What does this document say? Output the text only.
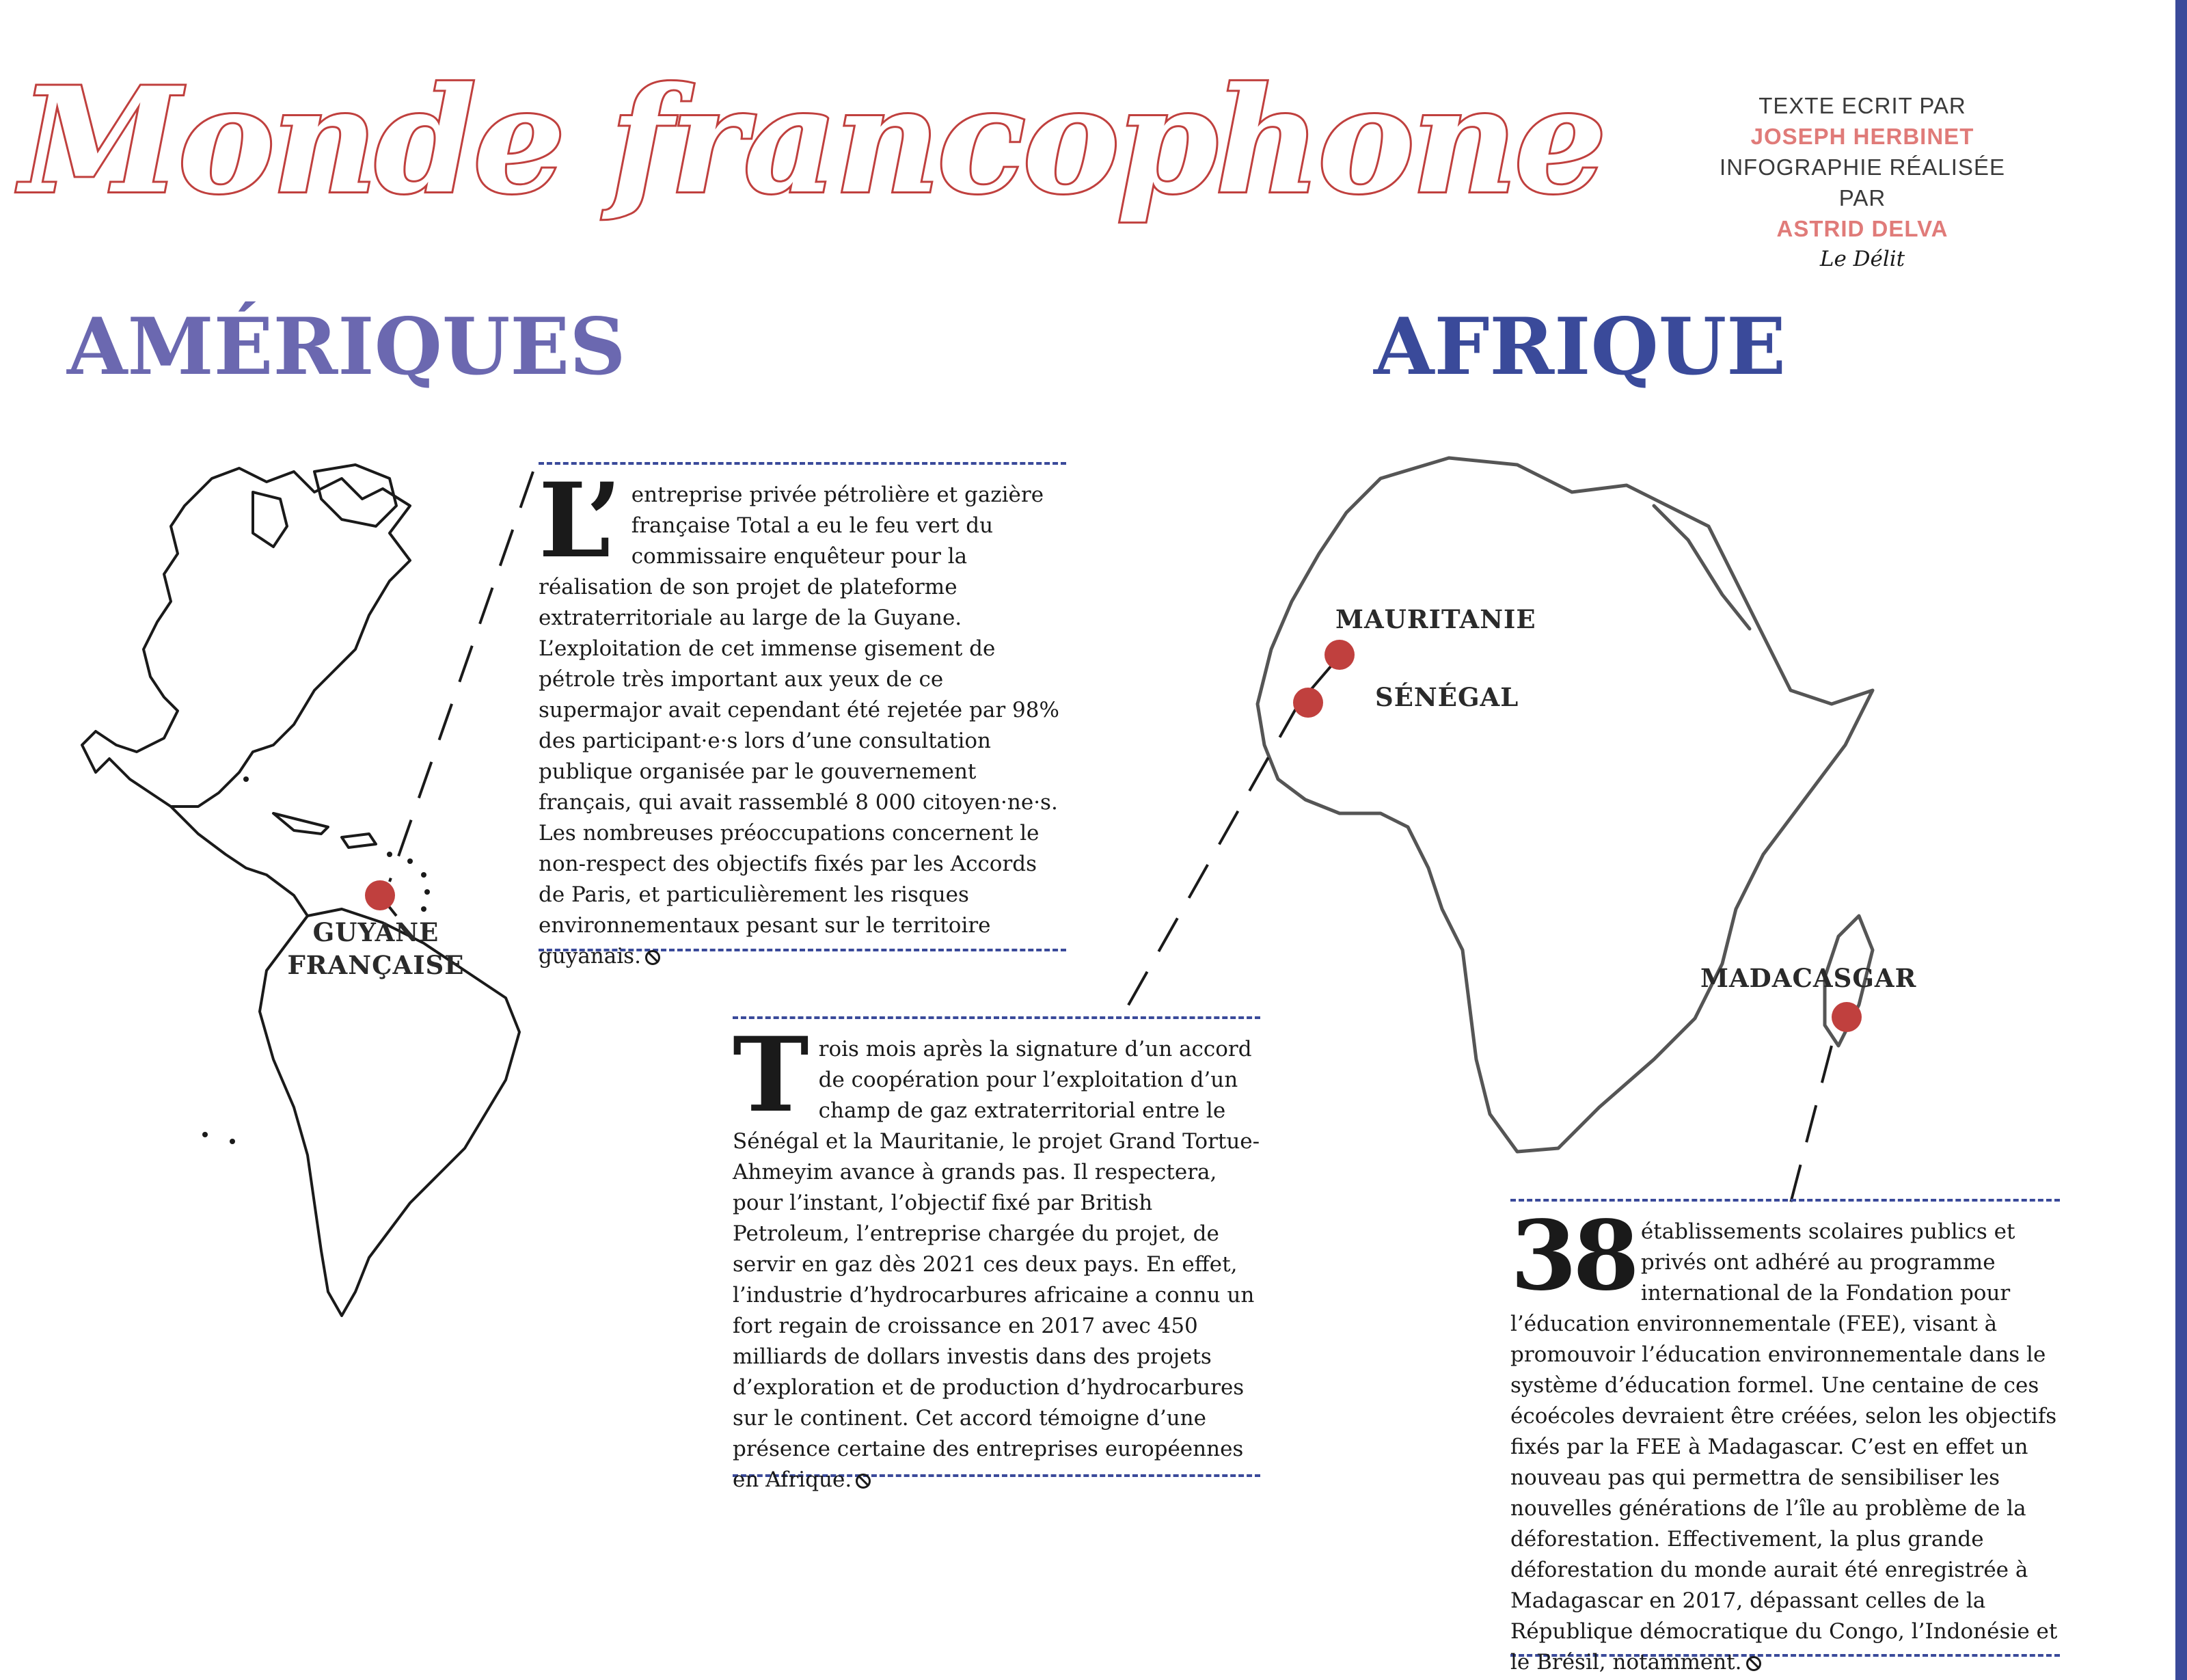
Monde francophone	TEXTE ECRIT PAR
JOSEPH HERBINET
INFOGRAPHIE RÉALISÉE
PAR
ASTRID DELVA
Le Délit
AMÉRIQUES	AFRIQUE
GUYANE
FRANÇAISE
MAURITANIE
SÉNÉGAL
MADACASGAR

L’ entreprise privée pétrolière et gazière française Total a eu le feu vert du commissaire enquêteur pour la réalisation de son projet de plateforme extraterritoriale au large de la Guyane. L’exploitation de cet immense gisement de pétrole très important aux yeux de ce supermajor avait cependant été rejetée par 98% des participant·e·s lors d’une consultation publique organisée par le gouvernement français, qui avait rassemblé 8 000 citoyen·ne·s. Les nombreuses préoccupations concernent le non-respect des objectifs fixés par les Accords de Paris, et particulièrement les risques environnementaux pesant sur le territoire guyanais.

Trois mois après la signature d’un accord de coopération pour l’exploitation d’un champ de gaz extraterritorial entre le Sénégal et la Mauritanie, le projet Grand Tortue-Ahmeyim avance à grands pas. Il respectera, pour l’instant, l’objectif fixé par British Petroleum, l’entreprise chargée du projet, de servir en gaz dès 2021 ces deux pays. En effet, l’industrie d’hydrocarbures africaine a connu un fort regain de croissance en 2017 avec 450 milliards de dollars investis dans des projets d’exploration et de production d’hydrocarbures sur le continent. Cet accord témoigne d’une présence certaine des entreprises européennes en Afrique.

38 établissements scolaires publics et privés ont adhéré au programme international de la Fondation pour l’éducation environnementale (FEE), visant à promouvoir l’éducation environnementale dans le système d’éducation formel. Une centaine de ces écoécoles devraient être créées, selon les objectifs fixés par la FEE à Madagascar. C’est en effet un nouveau pas qui permettra de sensibiliser les nouvelles générations de l’île au problème de la déforestation. Effectivement, la plus grande déforestation du monde aurait été enregistrée à Madagascar en 2017, dépassant celles de la République démocratique du Congo, l’Indonésie et le Brésil, notamment.
